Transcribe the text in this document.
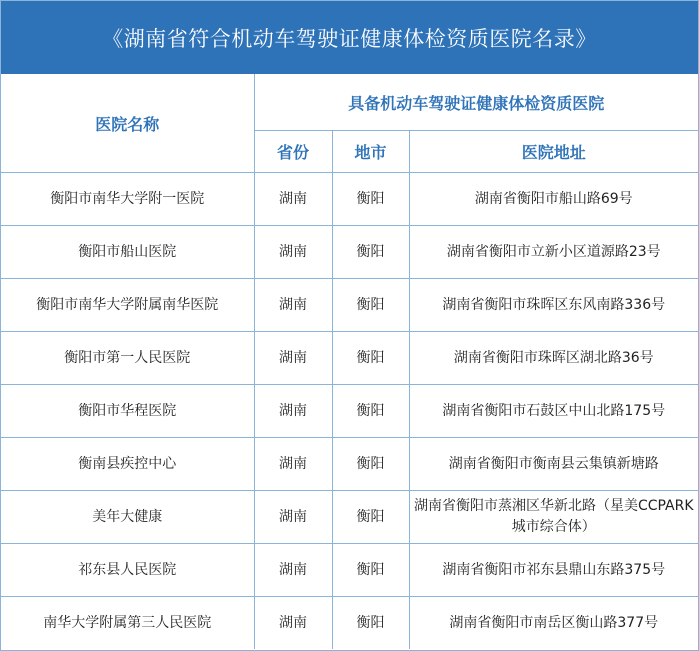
《湖南省符合机动车驾驶证健康体检资质医院名录》
医院名称	具备机动车驾驶证健康体检资质医院		
	省份	地市	医院地址
衡阳市南华大学附一医院	湖南	衡阳	湖南省衡阳市船山路69号
衡阳市船山医院	湖南	衡阳	湖南省衡阳市立新小区道源路23号
衡阳市南华大学附属南华医院	湖南	衡阳	湖南省衡阳市珠晖区东风南路336号
衡阳市第一人民医院	湖南	衡阳	湖南省衡阳市珠晖区湖北路36号
衡阳市华程医院	湖南	衡阳	湖南省衡阳市石鼓区中山北路175号
衡南县疾控中心	湖南	衡阳	湖南省衡阳市衡南县云集镇新塘路
美年大健康	湖南	衡阳	湖南省衡阳市蒸湘区华新北路（星美CCPARK城市综合体）
祁东县人民医院	湖南	衡阳	湖南省衡阳市祁东县鼎山东路375号
南华大学附属第三人民医院	湖南	衡阳	湖南省衡阳市南岳区衡山路377号
